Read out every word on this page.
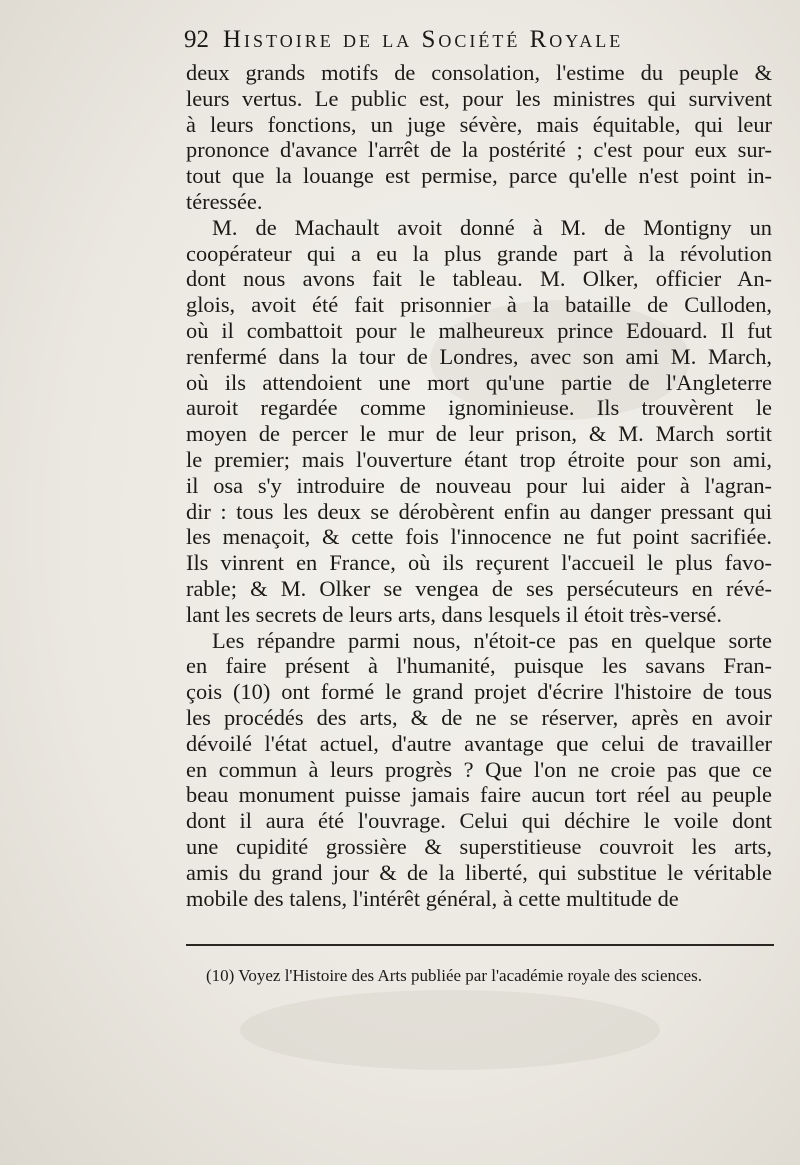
92 Histoire de la Société Royale
deux grands motifs de consolation, l'estime du peuple &
leurs vertus. Le public est, pour les ministres qui survivent
à leurs fonctions, un juge sévère, mais équitable, qui leur
prononce d'avance l'arrêt de la postérité ; c'est pour eux sur-
tout que la louange est permise, parce qu'elle n'est point in-
téressée.
M. de Machault avoit donné à M. de Montigny un
coopérateur qui a eu la plus grande part à la révolution
dont nous avons fait le tableau. M. Olker, officier An-
glois, avoit été fait prisonnier à la bataille de Culloden,
où il combattoit pour le malheureux prince Edouard. Il fut
renfermé dans la tour de Londres, avec son ami M. March,
où ils attendoient une mort qu'une partie de l'Angleterre
auroit regardée comme ignominieuse. Ils trouvèrent le
moyen de percer le mur de leur prison, & M. March sortit
le premier; mais l'ouverture étant trop étroite pour son ami,
il osa s'y introduire de nouveau pour lui aider à l'agran-
dir : tous les deux se dérobèrent enfin au danger pressant qui
les menaçoit, & cette fois l'innocence ne fut point sacrifiée.
Ils vinrent en France, où ils reçurent l'accueil le plus favo-
rable; & M. Olker se vengea de ses persécuteurs en révé-
lant les secrets de leurs arts, dans lesquels il étoit très-versé.
Les répandre parmi nous, n'étoit-ce pas en quelque sorte
en faire présent à l'humanité, puisque les savans Fran-
çois (10) ont formé le grand projet d'écrire l'histoire de tous
les procédés des arts, & de ne se réserver, après en avoir
dévoilé l'état actuel, d'autre avantage que celui de travailler
en commun à leurs progrès ? Que l'on ne croie pas que ce
beau monument puisse jamais faire aucun tort réel au peuple
dont il aura été l'ouvrage. Celui qui déchire le voile dont
une cupidité grossière & superstitieuse couvroit les arts,
amis du grand jour & de la liberté, qui substitue le véritable
mobile des talens, l'intérêt général, à cette multitude de
(10) Voyez l'Histoire des Arts publiée par l'académie royale des sciences.
